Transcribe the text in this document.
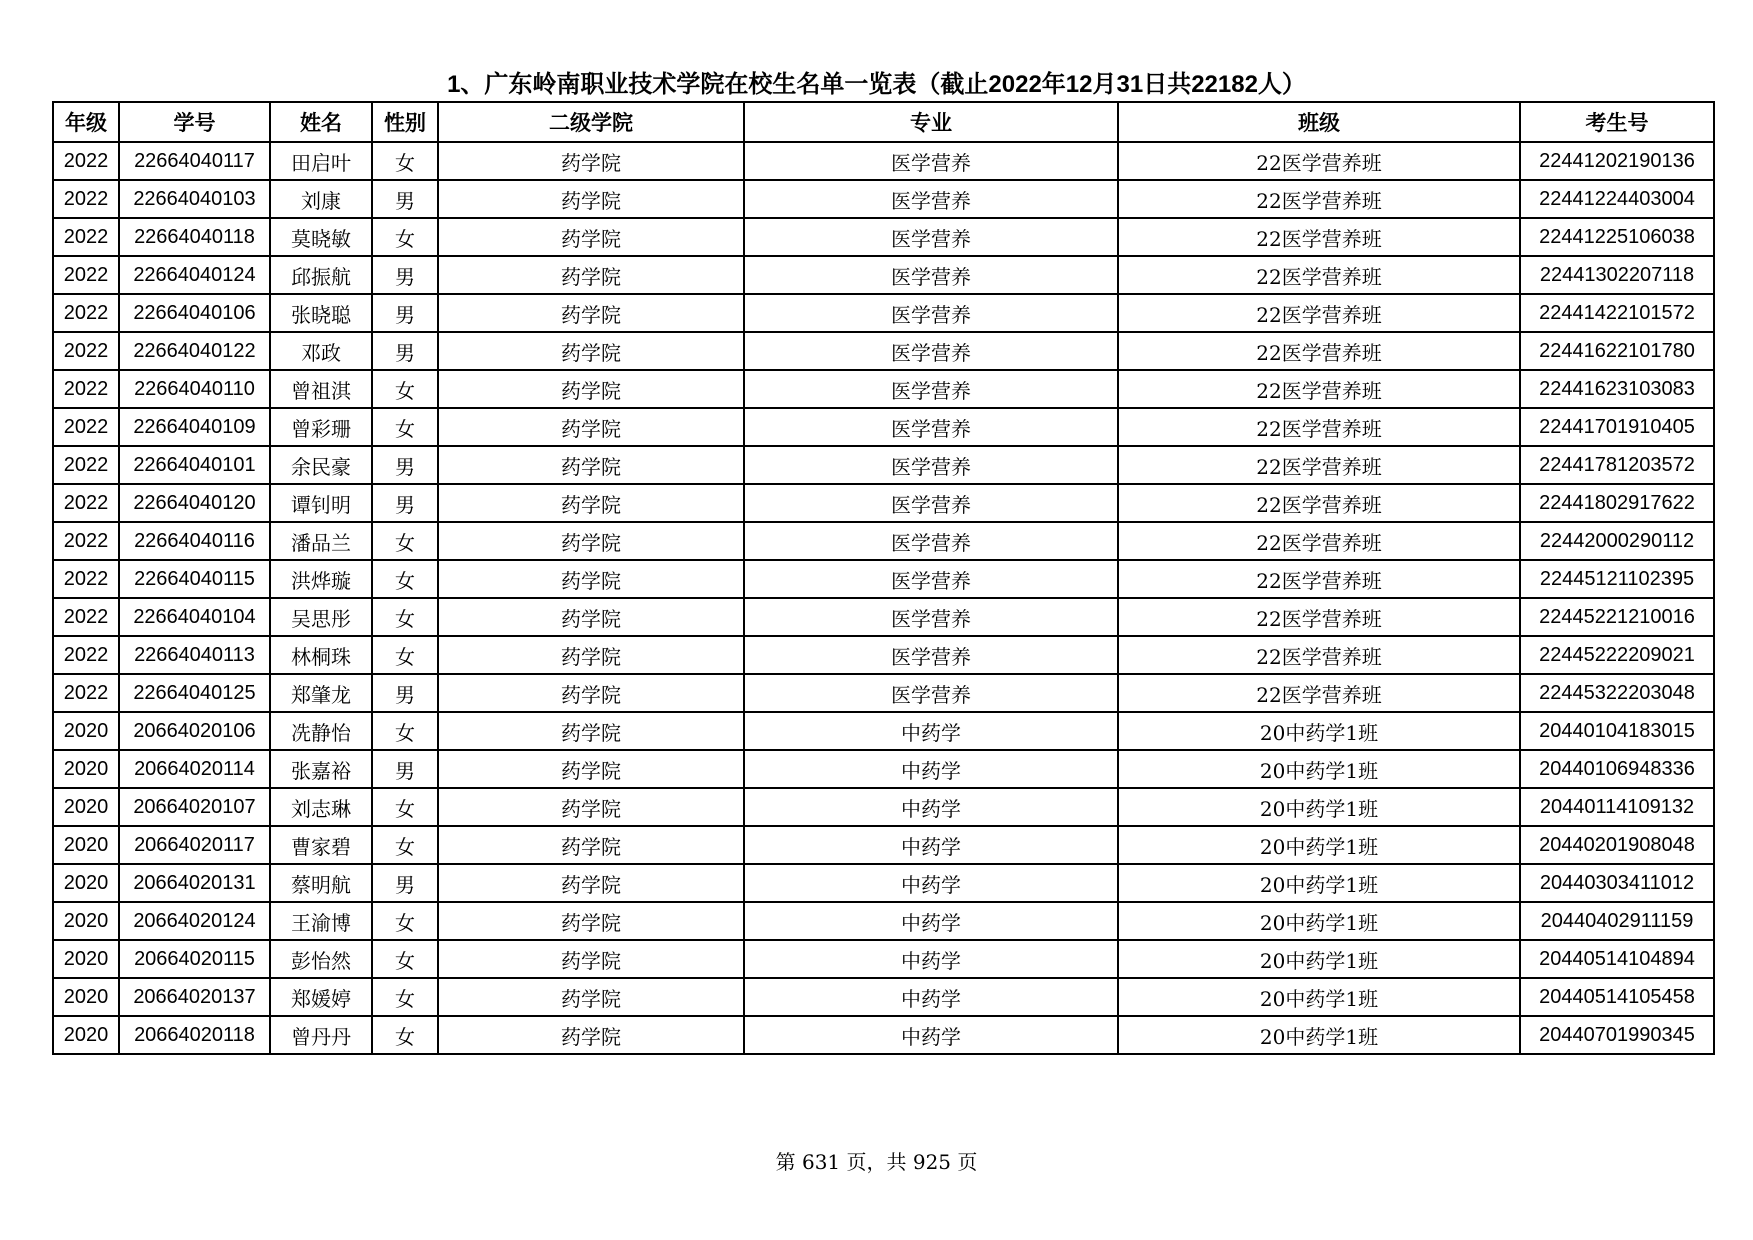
1、广东岭南职业技术学院在校生名单一览表（截止2022年12月31日共22182人）
年级	学号	姓名	性别	二级学院	专业	班级	考生号
2022	22664040117	田启叶	女	药学院	医学营养	22医学营养班	22441202190136
2022	22664040103	刘康	男	药学院	医学营养	22医学营养班	22441224403004
2022	22664040118	莫晓敏	女	药学院	医学营养	22医学营养班	22441225106038
2022	22664040124	邱振航	男	药学院	医学营养	22医学营养班	22441302207118
2022	22664040106	张晓聪	男	药学院	医学营养	22医学营养班	22441422101572
2022	22664040122	邓政	男	药学院	医学营养	22医学营养班	22441622101780
2022	22664040110	曾祖淇	女	药学院	医学营养	22医学营养班	22441623103083
2022	22664040109	曾彩珊	女	药学院	医学营养	22医学营养班	22441701910405
2022	22664040101	余民豪	男	药学院	医学营养	22医学营养班	22441781203572
2022	22664040120	谭钊明	男	药学院	医学营养	22医学营养班	22441802917622
2022	22664040116	潘品兰	女	药学院	医学营养	22医学营养班	22442000290112
2022	22664040115	洪烨璇	女	药学院	医学营养	22医学营养班	22445121102395
2022	22664040104	吴思彤	女	药学院	医学营养	22医学营养班	22445221210016
2022	22664040113	林桐珠	女	药学院	医学营养	22医学营养班	22445222209021
2022	22664040125	郑肇龙	男	药学院	医学营养	22医学营养班	22445322203048
2020	20664020106	冼静怡	女	药学院	中药学	20中药学1班	20440104183015
2020	20664020114	张嘉裕	男	药学院	中药学	20中药学1班	20440106948336
2020	20664020107	刘志琳	女	药学院	中药学	20中药学1班	20440114109132
2020	20664020117	曹家碧	女	药学院	中药学	20中药学1班	20440201908048
2020	20664020131	蔡明航	男	药学院	中药学	20中药学1班	20440303411012
2020	20664020124	王渝博	女	药学院	中药学	20中药学1班	20440402911159
2020	20664020115	彭怡然	女	药学院	中药学	20中药学1班	20440514104894
2020	20664020137	郑媛婷	女	药学院	中药学	20中药学1班	20440514105458
2020	20664020118	曾丹丹	女	药学院	中药学	20中药学1班	20440701990345
第 631 页，共 925 页
